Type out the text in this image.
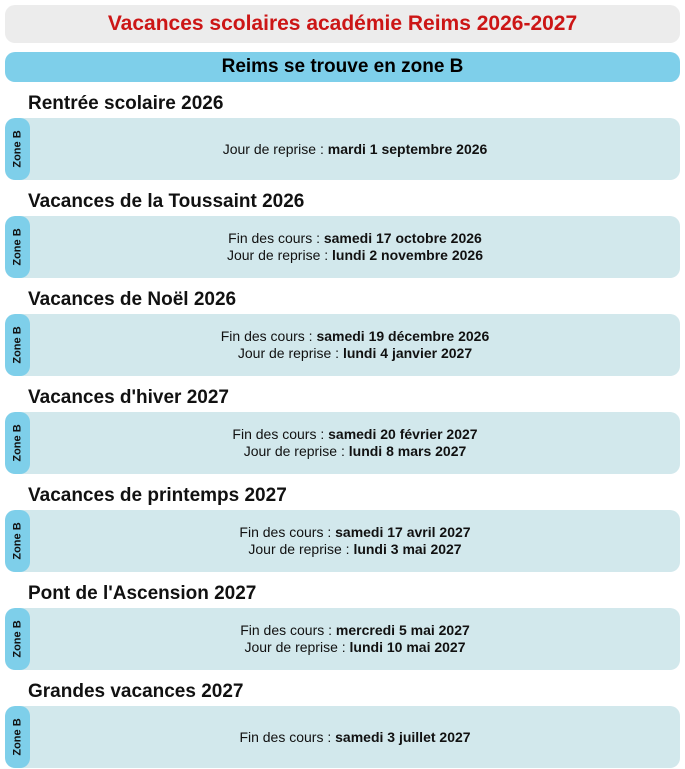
Vacances scolaires académie Reims 2026-2027
Reims se trouve en zone B
Rentrée scolaire 2026
Zone B	Jour de reprise : mardi 1 septembre 2026
Vacances de la Toussaint 2026
Zone B	Fin des cours : samedi 17 octobre 2026
Jour de reprise : lundi 2 novembre 2026
Vacances de Noël 2026
Zone B	Fin des cours : samedi 19 décembre 2026
Jour de reprise : lundi 4 janvier 2027
Vacances d'hiver 2027
Zone B	Fin des cours : samedi 20 février 2027
Jour de reprise : lundi 8 mars 2027
Vacances de printemps 2027
Zone B	Fin des cours : samedi 17 avril 2027
Jour de reprise : lundi 3 mai 2027
Pont de l'Ascension 2027
Zone B	Fin des cours : mercredi 5 mai 2027
Jour de reprise : lundi 10 mai 2027
Grandes vacances 2027
Zone B	Fin des cours : samedi 3 juillet 2027
